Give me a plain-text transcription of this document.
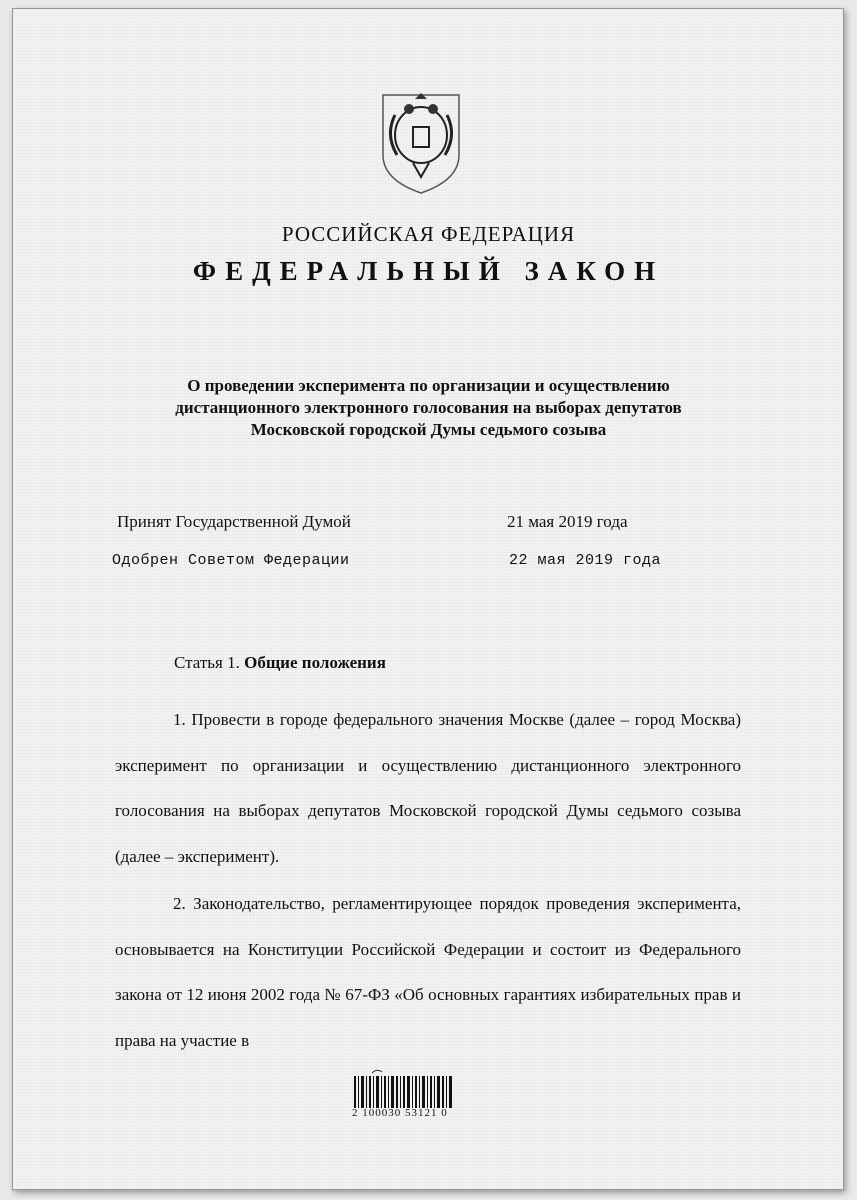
РОССИЙСКАЯ ФЕДЕРАЦИЯ
ФЕДЕРАЛЬНЫЙ ЗАКОН
О проведении эксперимента по организации и осуществлению
дистанционного электронного голосования на выборах депутатов
Московской городской Думы седьмого созыва
Принят Государственной Думой	21 мая 2019 года
Одобрен Советом Федерации	22 мая 2019 года
Статья 1. Общие положения

1. Провести в городе федерального значения Москве (далее – город Москва) эксперимент по организации и осуществлению дистанционного электронного голосования на выборах депутатов Московской городской Думы седьмого созыва (далее – эксперимент).

2. Законодательство, регламентирующее порядок проведения эксперимента, основывается на Конституции Российской Федерации и состоит из Федерального закона от 12 июня 2002 года № 67-ФЗ «Об основных гарантиях избирательных прав и права на участие в

2 100030 53121 0
